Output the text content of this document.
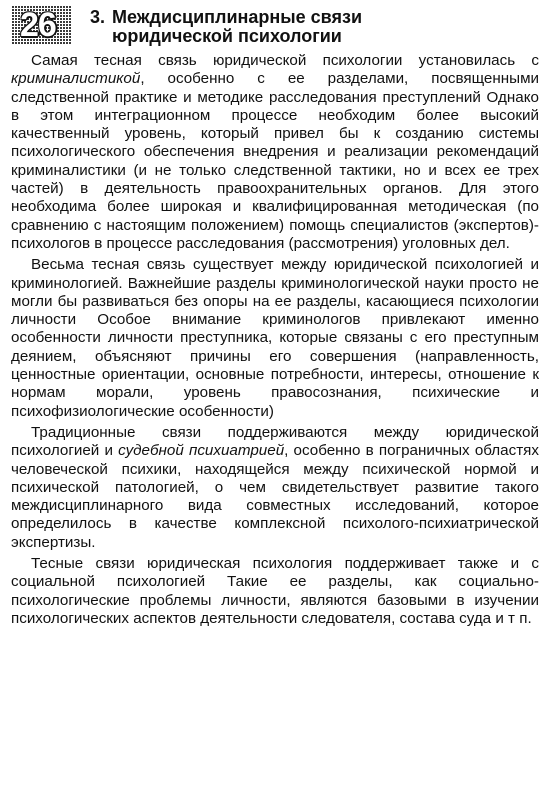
26	3. Междисциплинарные связи
юридической психологии

Самая тесная связь юридической психологии установилась с криминалистикой, особенно с ее разделами, посвященными следственной практике и методике расследования преступлений Однако в этом интеграционном процессе необходим более высокий качественный уровень, который привел бы к созданию системы психологического обеспечения внедрения и реализации рекомендаций криминалистики (и не только следственной тактики, но и всех ее трех частей) в деятельность правоохранительных органов. Для этого необходима более широкая и квалифицированная методическая (по сравнению с настоящим положением) помощь специалистов (экспертов)-психологов в процессе расследования (рассмотрения) уголовных дел.

Весьма тесная связь существует между юридической психологией и криминологией. Важнейшие разделы криминологической науки просто не могли бы развиваться без опоры на ее разделы, касающиеся психологии личности Особое внимание криминологов привлекают именно особенности личности преступника, которые связаны с его преступным деянием, объясняют причины его совершения (направленность, ценностные ориентации, основные потребности, интересы, отношение к нормам морали, уровень правосознания, психические и психофизиологические особенности)

Традиционные связи поддерживаются между юридической психологией и судебной психиатрией, особенно в пограничных областях человеческой психики, находящейся между психической нормой и психической патологией, о чем свидетельствует развитие такого междисциплинарного вида совместных исследований, которое определилось в качестве комплексной психолого-психиатрической экспертизы.

Тесные связи юридическая психология поддерживает также и с социальной психологией Такие ее разделы, как социально-психологические проблемы личности, являются базовыми в изучении психологических аспектов деятельности следователя, состава суда и т п.
